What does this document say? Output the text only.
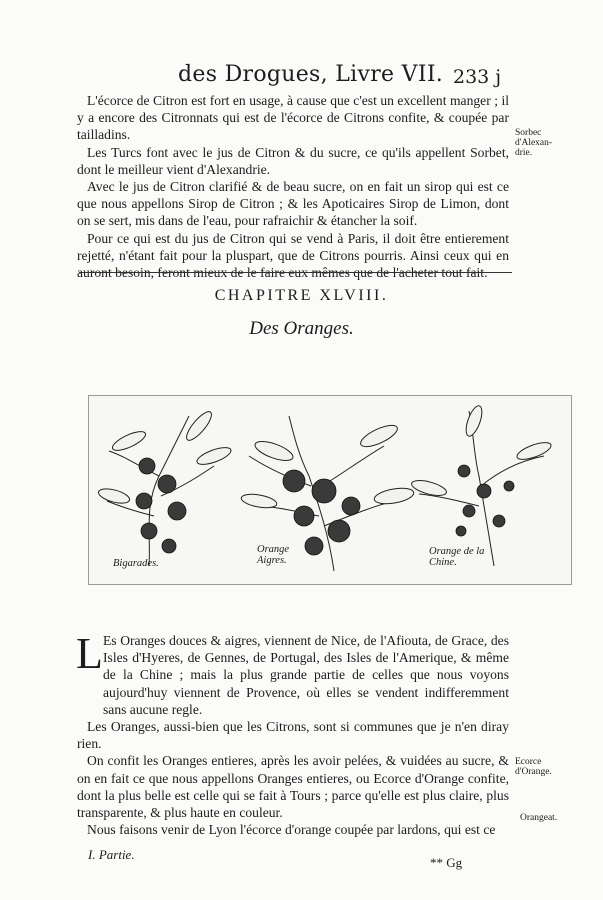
des Drogues, Livre VII. 233 j

L'écorce de Citron est fort en usage, à cause que c'est un excellent manger ; il y a encore des Citronnats qui est de l'écorce de Citrons confite, & coupée par tailladins.

Les Turcs font avec le jus de Citron & du sucre, ce qu'ils appellent Sorbet, dont le meilleur vient d'Alexandrie.

Avec le jus de Citron clarifié & de beau sucre, on en fait un sirop qui est ce que nous appellons Sirop de Citron ; & les Apoticaires Sirop de Limon, dont on se sert, mis dans de l'eau, pour rafraichir & étancher la soif.

Pour ce qui est du jus de Citron qui se vend à Paris, il doit être entierement rejetté, n'étant fait pour la pluspart, que de Citrons pourris. Ainsi ceux qui en auront besoin, feront mieux de le faire eux mêmes que de l'acheter tout fait.

Sorbec d'Alexan-drie.
CHAPITRE XLVIII.
Des Oranges.
Bigarades.
Orange Aigres.
Orange de la Chine.
L Es Oranges douces & aigres, viennent de Nice, de l'Afiouta, de Grace, des Isles d'Hyeres, de Gennes, de Portugal, des Isles de l'Amerique, & même de la Chine ; mais la plus grande partie de celles que nous voyons aujourd'huy viennent de Provence, où elles se vendent indifferemment sans aucune regle.

Les Oranges, aussi-bien que les Citrons, sont si communes que je n'en diray rien.

On confit les Oranges entieres, après les avoir pelées, & vuidées au sucre, & on en fait ce que nous appellons Oranges entieres, ou Ecorce d'Orange confite, dont la plus belle est celle qui se fait à Tours ; parce qu'elle est plus claire, plus transparente, & plus haute en couleur.

Nous faisons venir de Lyon l'écorce d'orange coupée par lardons, qui est ce

Ecorce d'Orange.
Orangeat.
I. Partie.
** Gg
